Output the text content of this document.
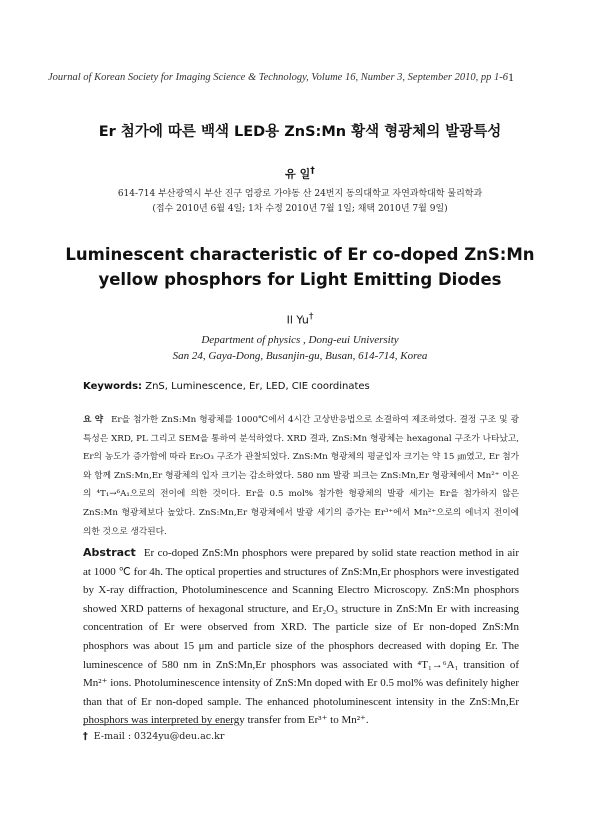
Journal of Korean Society for Imaging Science & Technology, Volume 16, Number 3, September 2010, pp 1-6 1
Er 첨가에 따른 백색 LED용 ZnS:Mn 황색 형광체의 발광특성
유 일†
614-714 부산광역시 부산 진구 엄광로 가야동 산 24번지 동의대학교 자연과학대학 물리학과
(접수 2010년 6월 4일; 1차 수정 2010년 7월 1일; 채택 2010년 7월 9일)
Luminescent characteristic of Er co-doped ZnS:Mn
yellow phosphors for Light Emitting Diodes
Il Yu†
Department of physics , Dong-eui University
San 24, Gaya-Dong, Busanjin-gu, Busan, 614-714, Korea
Keywords: ZnS, Luminescence, Er, LED, CIE coordinates
요 약 Er을 첨가한 ZnS:Mn 형광체를 1000℃에서 4시간 고상반응법으로 소결하여 제조하였다. 결정 구조 및 광 특성은 XRD, PL 그리고 SEM을 통하여 분석하였다. XRD 결과, ZnS:Mn 형광체는 hexagonal 구조가 나타났고, Er의 농도가 증가함에 따라 Er₂O₃ 구조가 관찰되었다. ZnS:Mn 형광체의 평균입자 크기는 약 15 ㎛였고, Er 첨가와 함께 ZnS:Mn,Er 형광체의 입자 크기는 감소하였다. 580 nm 발광 피크는 ZnS:Mn,Er 형광체에서 Mn²⁺ 이온의 ⁴T₁→⁶A₁으로의 전이에 의한 것이다. Er을 0.5 mol% 첨가한 형광체의 발광 세기는 Er을 첨가하지 않은 ZnS:Mn 형광체보다 높았다. ZnS:Mn,Er 형광체에서 발광 세기의 증가는 Er³⁺에서 Mn²⁺으로의 에너지 전이에 의한 것으로 생각된다.
Abstract Er co-doped ZnS:Mn phosphors were prepared by solid state reaction method in air at 1000 ℃ for 4h. The optical properties and structures of ZnS:Mn,Er phosphors were investigated by X-ray diffraction, Photoluminescence and Scanning Electro Microscopy. ZnS:Mn phosphors showed XRD patterns of hexagonal structure, and Er₂O₃ structure in ZnS:Mn Er with increasing concentration of Er were observed from XRD. The particle size of Er non-doped ZnS:Mn phosphors was about 15 μm and particle size of the phosphors decreased with doping Er. The luminescence of 580 nm in ZnS:Mn,Er phosphors was associated with ⁴T₁→⁶A₁ transition of Mn²⁺ ions. Photoluminescence intensity of ZnS:Mn doped with Er 0.5 mol% was definitely higher than that of Er non-doped sample. The enhanced photoluminescent intensity in the ZnS:Mn,Er phosphors was interpreted by energy transfer from Er³⁺ to Mn²⁺.
† E-mail : 0324yu@deu.ac.kr
